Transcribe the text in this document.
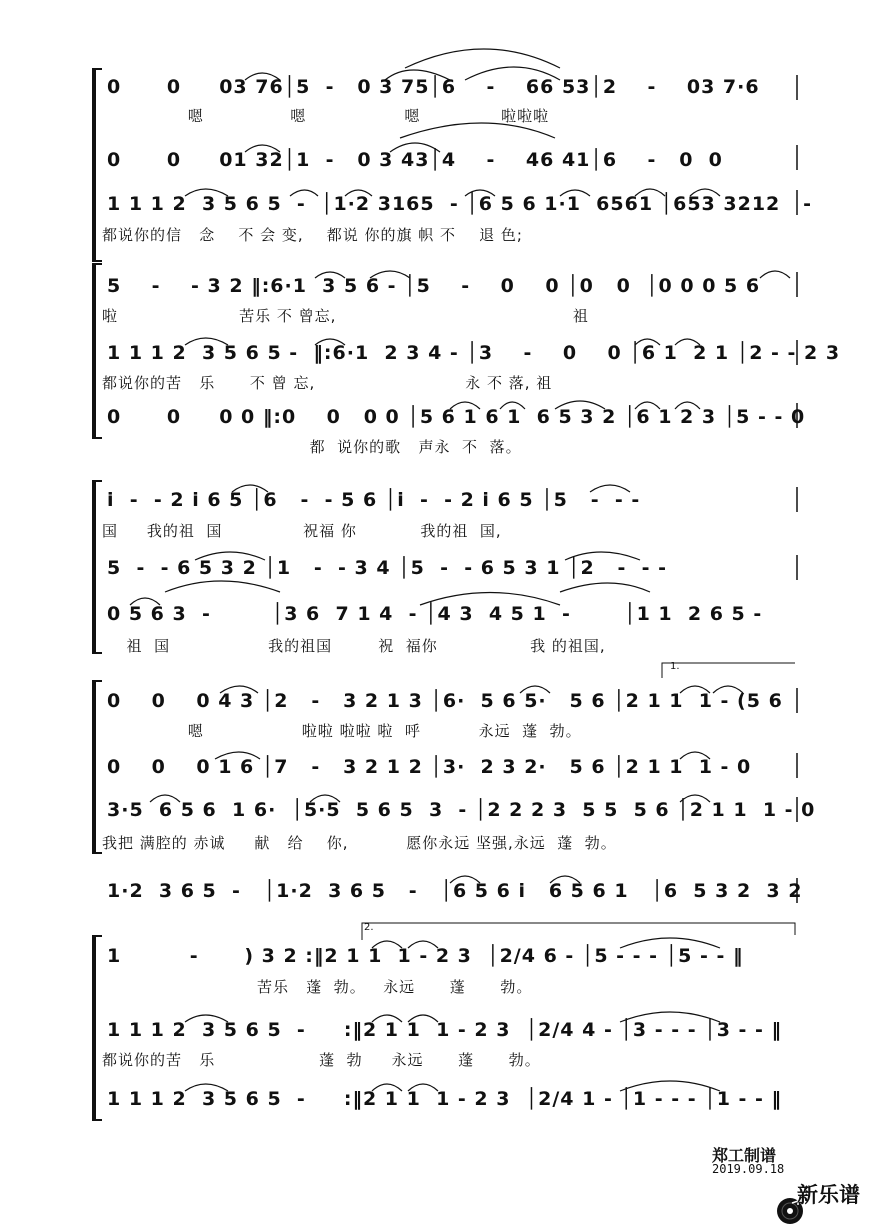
0      0     03 76│5  -   0 3 75│6    -    66 53│2    -    03 7·6
嗯               嗯                 嗯              啦啦啦
0      0     01 32│1  -   0 3 43│4    -    46 41│6    -   0  0
1 1 1 2  3 5 6 5  -  │1·2 3165  - │6 5 6 1·1  6561 │653 3212   -
都说你的信   念    不 会 变,    都说 你的旗 帜 不    退 色;
5    -    - 3 2 ‖:6·1  3 5 6 - │5    -    0    0 │0   0  │0 0 0 5 6
啦                     苦乐 不 曾忘,                                         祖
1 1 1 2  3 5 6 5 -  ‖:6·1  2 3 4 - │3    -    0    0 │6 1  2 1 │2 - - 2 3
都说你的苦   乐      不 曾 忘,                          永 不 落, 祖
0      0     0 0 ‖:0    0   0 0 │5 6 1 6 1  6 5 3 2 │6 1 2 3 │5 - - 0
都  说你的歌   声永  不  落。
i  -  - 2 i 6 5 │6   -  - 5 6 │i  -  - 2 i 6 5 │5   -  - -
国     我的祖  国              祝福 你           我的祖  国,
5  -  - 6 5 3 2 │1   -  - 3 4 │5  -  - 6 5 3 1 │2   -  - -
0 5 6 3  -        │3 6  7 1 4  - │4 3  4 5 1  -       │1 1  2 6 5 -
祖  国                 我的祖国        祝  福你                我 的祖国,
1.
0    0    0 4 3 │2   -   3 2 1 3 │6·  5 6 5·   5 6 │2 1 1  1 - (5 6
嗯                 啦啦 啦啦 啦  呼          永远  蓬  勃。
0    0    0 1 6 │7   -   3 2 1 2 │3·  2 3 2·   5 6 │2 1 1  1 - 0
3·5  6 5 6  1 6·  │5·5  5 6 5  3  - │2 2 2 3  5 5  5 6 │2 1 1  1 - 0
我把 满腔的 赤诚     献   给    你,          愿你永远 坚强,永远  蓬  勃。
1·2  3 6 5  -   │1·2  3 6 5   -   │6 5 6 i   6 5 6 1   │6  5 3 2  3 2
2.
1         -      ) 3 2 :‖2 1 1  1 - 2 3  │2/4 6 - │5 - - - │5 - - ‖
苦乐   蓬  勃。   永远      蓬      勃。
1 1 1 2  3 5 6 5  -     :‖2 1 1  1 - 2 3  │2/4 4 - │3 - - - │3 - - ‖
都说你的苦   乐                  蓬  勃     永远      蓬      勃。
1 1 1 2  3 5 6 5  -     :‖2 1 1  1 - 2 3  │2/4 1 - │1 - - - │1 - - ‖
郑工制谱
2019.09.18

新乐谱
